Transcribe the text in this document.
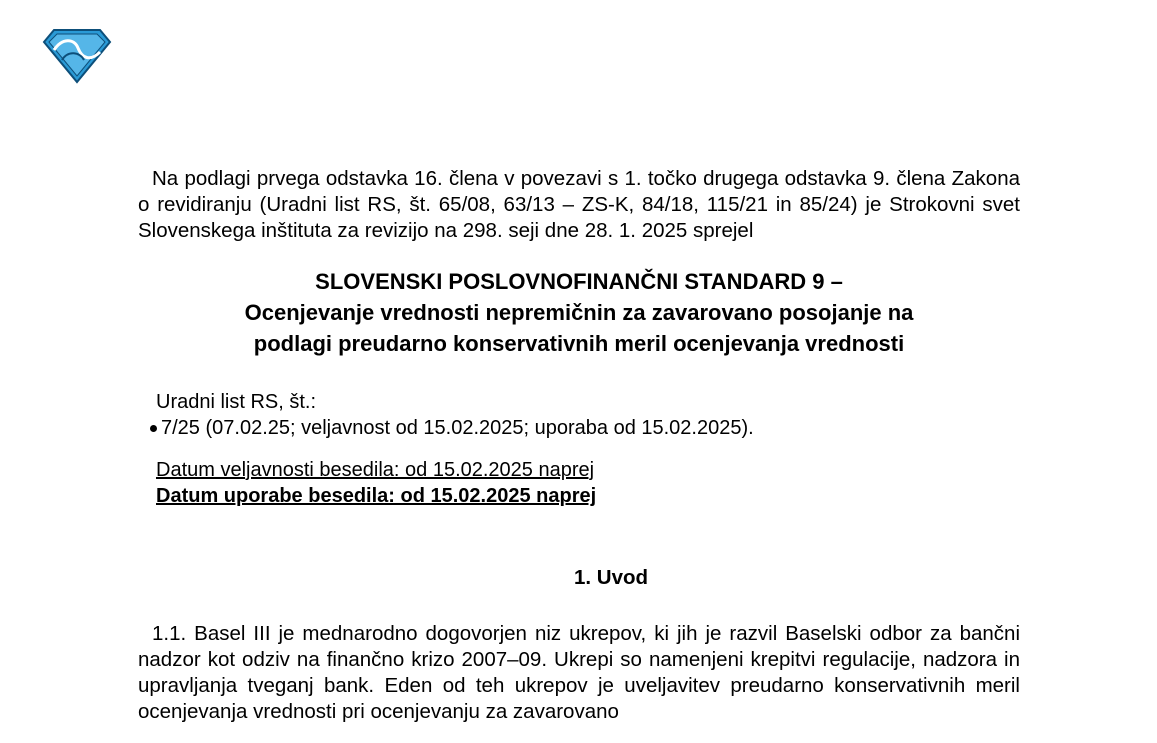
Na podlagi prvega odstavka 16. člena v povezavi s 1. točko drugega odstavka 9. člena Zakona o revidiranju (Uradni list RS, št. 65/08, 63/13 – ZS-K, 84/18, 115/21 in 85/24) je Strokovni svet Slovenskega inštituta za revizijo na 298. seji dne 28. 1. 2025 sprejel

SLOVENSKI POSLOVNOFINANČNI STANDARD 9 –
Ocenjevanje vrednosti nepremičnin za zavarovano posojanje na
podlagi preudarno konservativnih meril ocenjevanja vrednosti
Uradni list RS, št.:
7/25 (07.02.25; veljavnost od 15.02.2025; uporaba od 15.02.2025).
Datum veljavnosti besedila: od 15.02.2025 naprej
Datum uporabe besedila: od 15.02.2025 naprej
1. Uvod

1.1. Basel III je mednarodno dogovorjen niz ukrepov, ki jih je razvil Baselski odbor za bančni nadzor kot odziv na finančno krizo 2007–09. Ukrepi so namenjeni krepitvi regulacije, nadzora in upravljanja tveganj bank. Eden od teh ukrepov je uveljavitev preudarno konservativnih meril ocenjevanja vrednosti pri ocenjevanju za zavarovano
